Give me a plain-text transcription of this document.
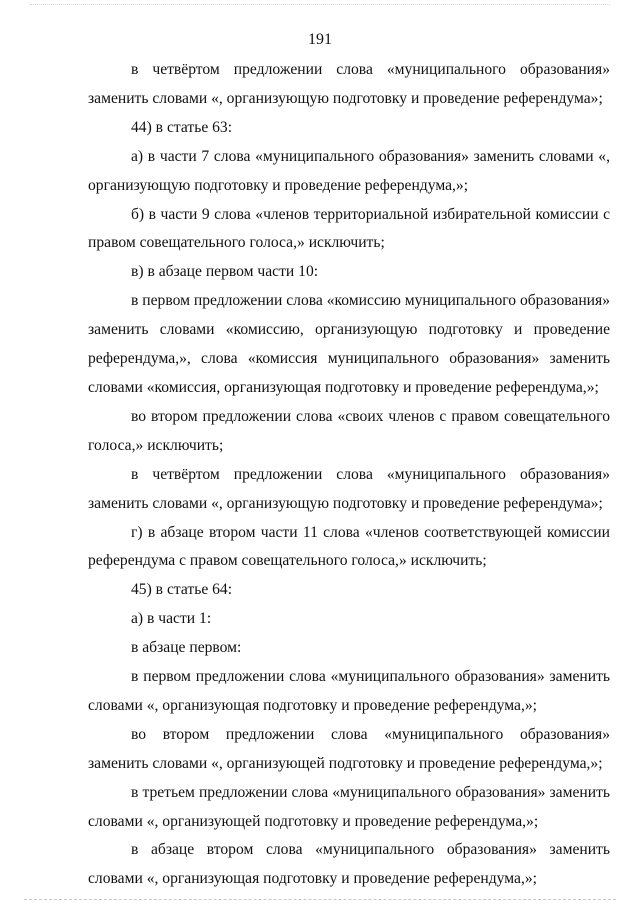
191

в четвёртом предложении слова «муниципального образования» заменить словами «, организующую подготовку и проведение референдума»;

44) в статье 63:

а) в части 7 слова «муниципального образования» заменить словами «, организующую подготовку и проведение референдума,»;

б) в части 9 слова «членов территориальной избирательной комиссии с правом совещательного голоса,» исключить;

в) в абзаце первом части 10:

в первом предложении слова «комиссию муниципального образования» заменить словами «комиссию, организующую подготовку и проведение референдума,», слова «комиссия муниципального образования» заменить словами «комиссия, организующая подготовку и проведение референдума,»;

во втором предложении слова «своих членов с правом совещательного голоса,» исключить;

в четвёртом предложении слова «муниципального образования» заменить словами «, организующую подготовку и проведение референдума»;

г) в абзаце втором части 11 слова «членов соответствующей комиссии референдума с правом совещательного голоса,» исключить;

45) в статье 64:

а) в части 1:

в абзаце первом:

в первом предложении слова «муниципального образования» заменить словами «, организующая подготовку и проведение референдума,»;

во втором предложении слова «муниципального образования» заменить словами «, организующей подготовку и проведение референдума,»;

в третьем предложении слова «муниципального образования» заменить словами «, организующей подготовку и проведение референдума,»;

в абзаце втором слова «муниципального образования» заменить словами «, организующая подготовку и проведение референдума,»;
